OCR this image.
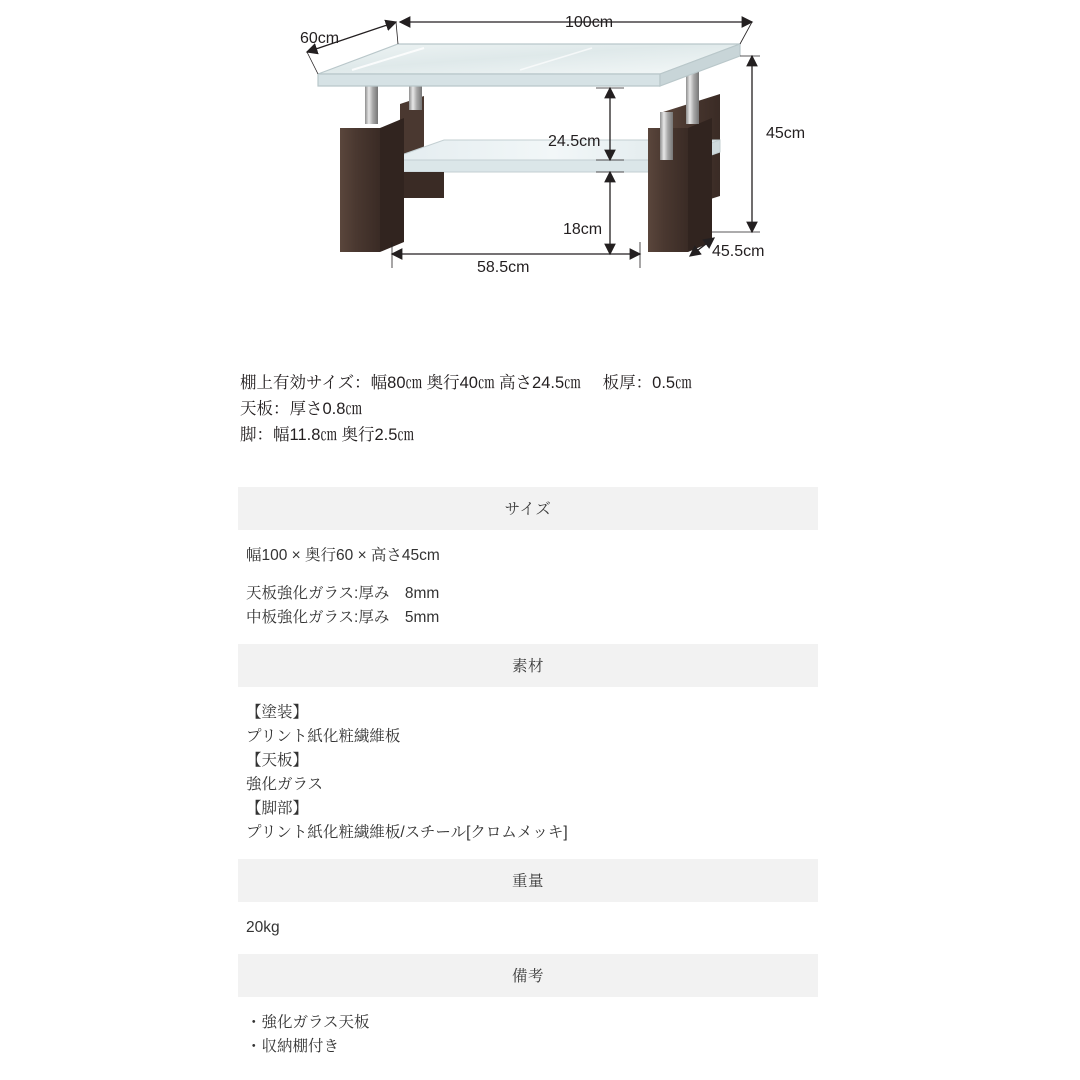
60cm
100cm
45cm
24.5cm
18cm
58.5cm
45.5cm
棚上有効サイズ：幅80㎝ 奥行40㎝ 高さ24.5㎝ 板厚：0.5㎝
天板：厚さ0.8㎝
脚：幅11.8㎝ 奥行2.5㎝
サイズ
幅100 × 奥行60 × 高さ45cm
天板強化ガラス:厚み　8mm
中板強化ガラス:厚み　5mm
素材
【塗装】
プリント紙化粧繊維板
【天板】
強化ガラス
【脚部】
プリント紙化粧繊維板/スチール[クロムメッキ]
重量
20kg
備考
・強化ガラス天板
・収納棚付き
